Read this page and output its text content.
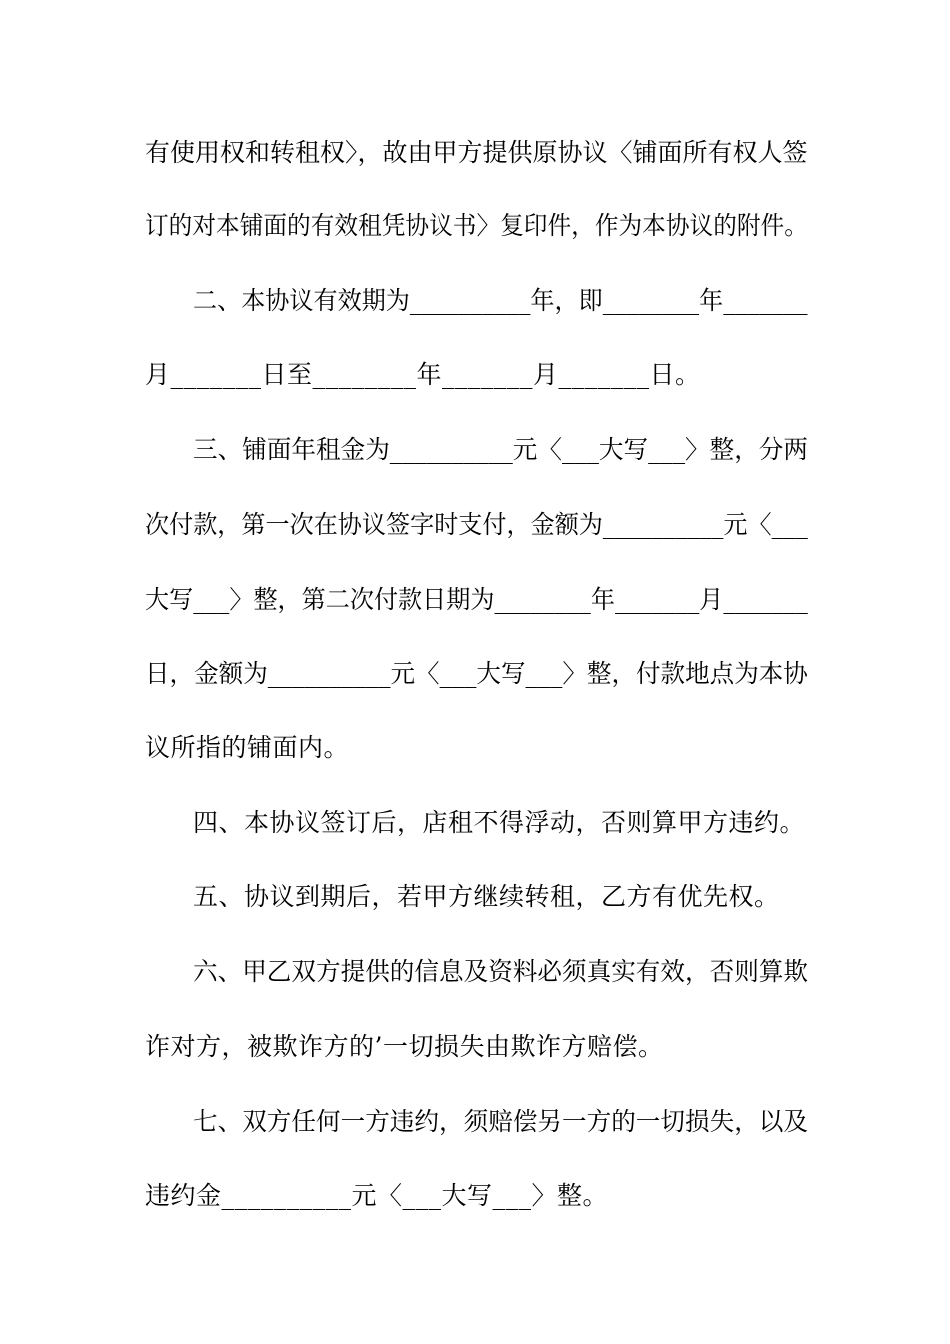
有使用权和转租权〉，故由甲方提供原协议〈铺面所有权人签
订的对本铺面的有效租凭协议书〉复印件，作为本协议的附件。
二、本协议有效期为__________年，即________年_______
月_______日至________年_______月_______日。
三、铺面年租金为__________元〈___大写___〉整，分两
次付款，第一次在协议签字时支付，金额为__________元〈___
大写___〉整，第二次付款日期为________年_______月_______
日，金额为__________元〈___大写___〉整，付款地点为本协
议所指的铺面内。
四、本协议签订后，店租不得浮动，否则算甲方违约。
五、协议到期后，若甲方继续转租，乙方有优先权。
六、甲乙双方提供的信息及资料必须真实有效，否则算欺
诈对方，被欺诈方的’一切损失由欺诈方赔偿。
七、双方任何一方违约，须赔偿另一方的一切损失，以及
违约金__________元〈___大写___〉整。
